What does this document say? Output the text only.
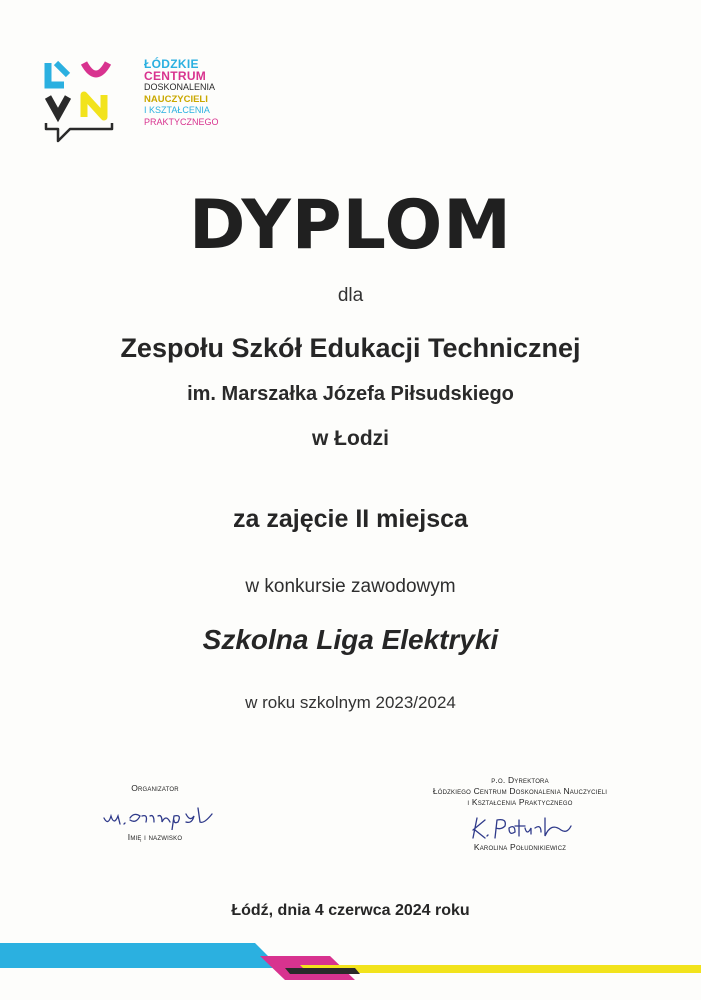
ŁÓDZKIE
CENTRUM
DOSKONALENIA
NAUCZYCIELI
I KSZTAŁCENIA
PRAKTYCZNEGO
DYPLOM
dla
Zespołu Szkół Edukacji Technicznej
im. Marszałka Józefa Piłsudskiego
w Łodzi
za zajęcie II miejsca
w konkursie zawodowym
Szkolna Liga Elektryki
w roku szkolnym 2023/2024
Organizator
Imię i nazwisko
p.o. Dyrektora
Łódzkiego Centrum Doskonalenia Nauczycieli
i Kształcenia Praktycznego
Karolina Południkiewicz
Łódź, dnia 4 czerwca 2024 roku
